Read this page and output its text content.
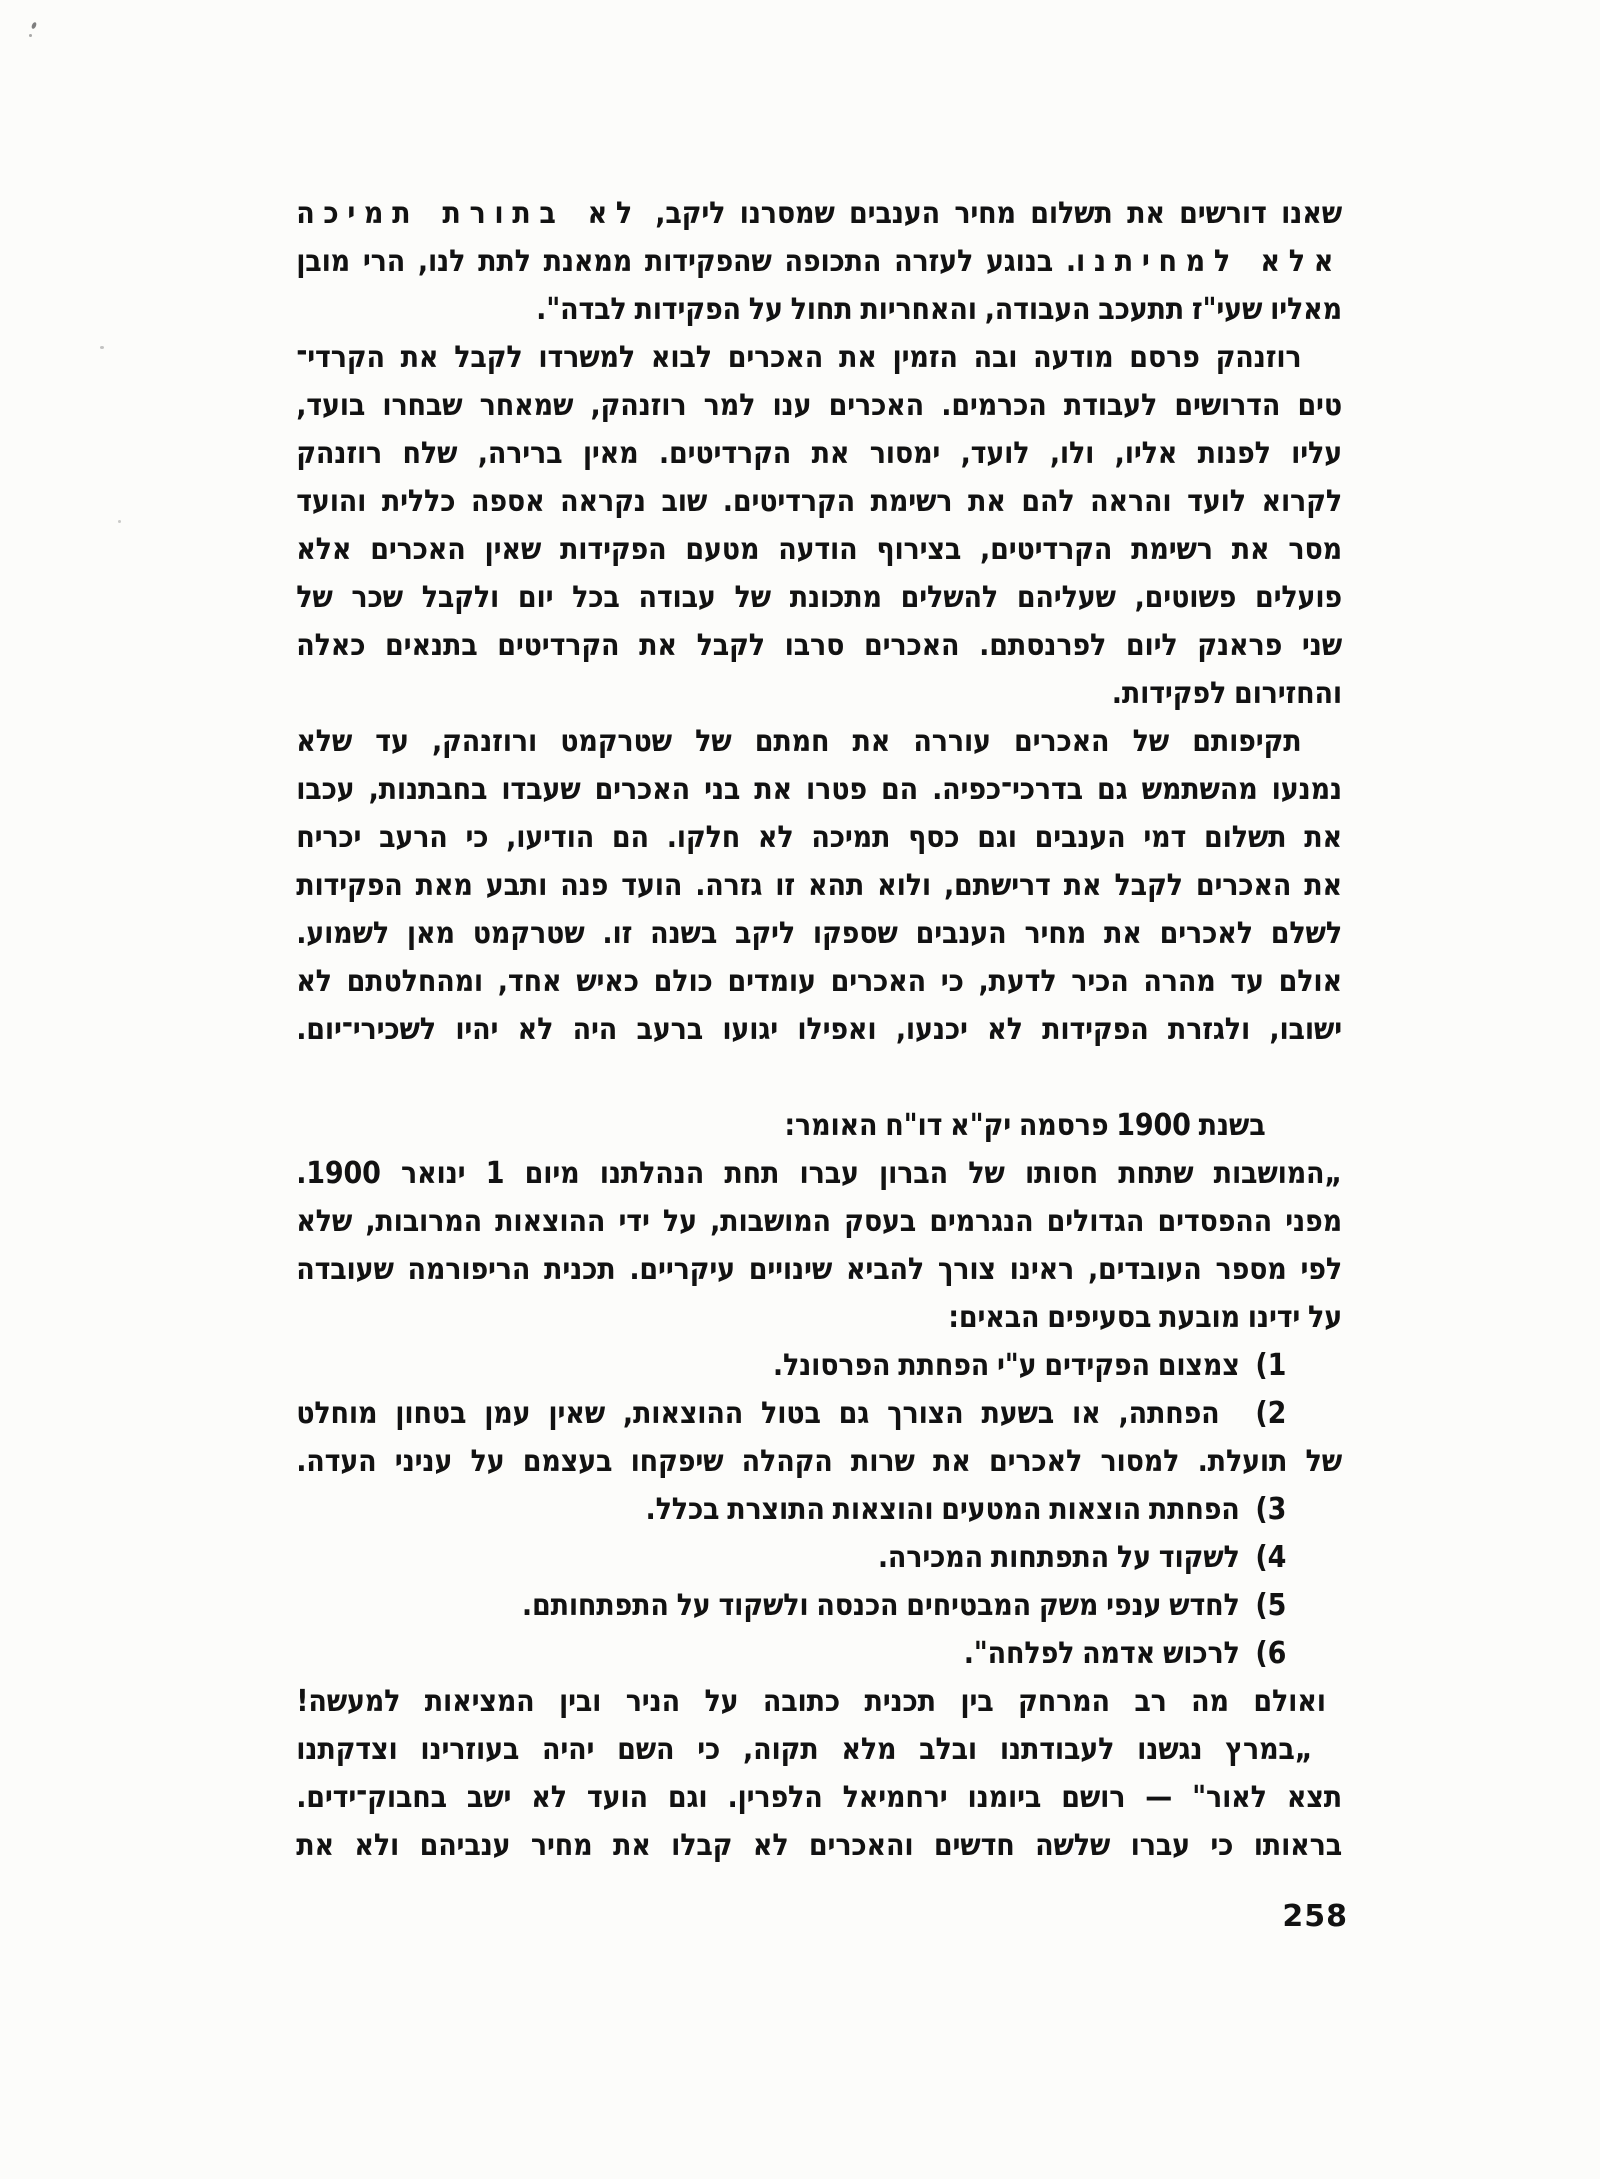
שאנו דורשים את תשלום מחיר הענבים שמסרנו ליקב, לא בתורת תמיכה
אלא למחיתנו. בנוגע לעזרה התכופה שהפקידות ממאנת לתת לנו, הרי מובן
מאליו שעי"ז תתעכב העבודה, והאחריות תחול על הפקידות לבדה".
רוזנהק פרסם מודעה ובה הזמין את האכרים לבוא למשרדו לקבל את הקרדי־
טים הדרושים לעבודת הכרמים. האכרים ענו למר רוזנהק, שמאחר שבחרו בועד,
עליו לפנות אליו, ולו, לועד, ימסור את הקרדיטים. מאין ברירה, שלח רוזנהק
לקרוא לועד והראה להם את רשימת הקרדיטים. שוב נקראה אספה כללית והועד
מסר את רשימת הקרדיטים, בצירוף הודעה מטעם הפקידות שאין האכרים אלא
פועלים פשוטים, שעליהם להשלים מתכונת של עבודה בכל יום ולקבל שכר של
שני פראנק ליום לפרנסתם. האכרים סרבו לקבל את הקרדיטים בתנאים כאלה
והחזירום לפקידות.
תקיפותם של האכרים עוררה את חמתם של שטרקמט ורוזנהק, עד שלא
נמנעו מהשתמש גם בדרכי־כפיה. הם פטרו את בני האכרים שעבדו בחבתנות, עכבו
את תשלום דמי הענבים וגם כסף תמיכה לא חלקו. הם הודיעו, כי הרעב יכריח
את האכרים לקבל את דרישתם, ולוא תהא זו גזרה. הועד פנה ותבע מאת הפקידות
לשלם לאכרים את מחיר הענבים שספקו ליקב בשנה זו. שטרקמט מאן לשמוע.
אולם עד מהרה הכיר לדעת, כי האכרים עומדים כולם כאיש אחד, ומהחלטתם לא
ישובו, ולגזרת הפקידות לא יכנעו, ואפילו יגועו ברעב היה לא יהיו לשכירי־יום.
בשנת 1900 פרסמה יק"א דו"ח האומר:
„המושבות שתחת חסותו של הברון עברו תחת הנהלתנו מיום 1 ינואר 1900.
מפני ההפסדים הגדולים הנגרמים בעסק המושבות, על ידי ההוצאות המרובות, שלא
לפי מספר העובדים, ראינו צורך להביא שינויים עיקריים. תכנית הריפורמה שעובדה
על ידינו מובעת בסעיפים הבאים:
1)  צמצום הפקידים ע"י הפחתת הפרסונל.
2)  הפחתה, או בשעת הצורך גם בטול ההוצאות, שאין עמן בטחון מוחלט
של תועלת. למסור לאכרים את שרות הקהלה שיפקחו בעצמם על עניני העדה.
3)  הפחתת הוצאות המטעים והוצאות התוצרת בכלל.
4)  לשקוד על התפתחות המכירה.
5)  לחדש ענפי משק המבטיחים הכנסה ולשקוד על התפתחותם.
6)  לרכוש אדמה לפלחה".
ואולם מה רב המרחק בין תכנית כתובה על הניר ובין המציאות למעשה!
„במרץ נגשנו לעבודתנו ובלב מלא תקוה, כי השם יהיה בעוזרינו וצדקתנו
תצא לאור" — רושם ביומנו ירחמיאל הלפרין. וגם הועד לא ישב בחבוק־ידים.
בראותו כי עברו שלשה חדשים והאכרים לא קבלו את מחיר ענביהם ולא את
258
